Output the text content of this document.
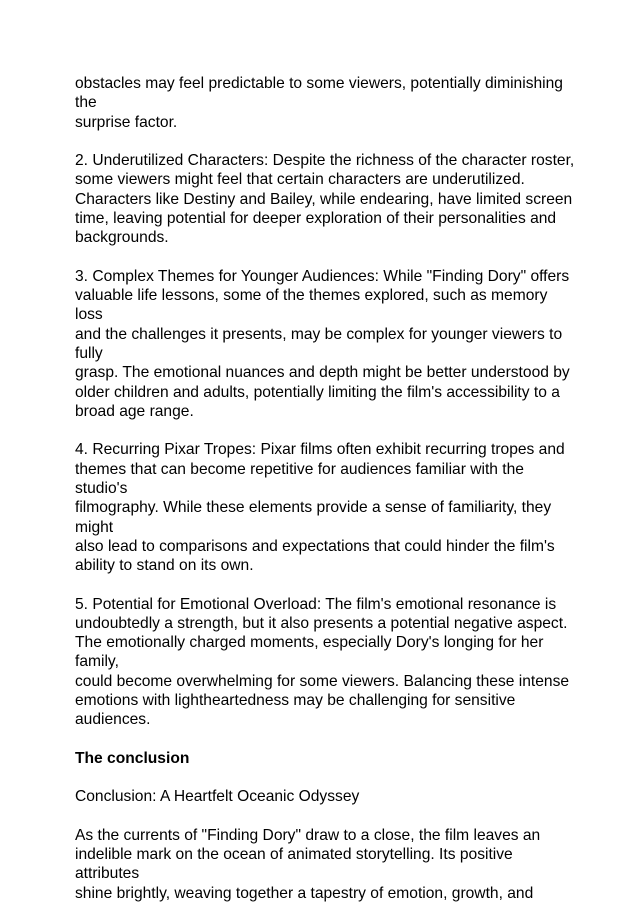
obstacles may feel predictable to some viewers, potentially diminishing the
surprise factor.

2. Underutilized Characters: Despite the richness of the character roster,
some viewers might feel that certain characters are underutilized.
Characters like Destiny and Bailey, while endearing, have limited screen
time, leaving potential for deeper exploration of their personalities and
backgrounds.

3. Complex Themes for Younger Audiences: While "Finding Dory" offers
valuable life lessons, some of the themes explored, such as memory loss
and the challenges it presents, may be complex for younger viewers to fully
grasp. The emotional nuances and depth might be better understood by
older children and adults, potentially limiting the film's accessibility to a
broad age range.

4. Recurring Pixar Tropes: Pixar films often exhibit recurring tropes and
themes that can become repetitive for audiences familiar with the studio's
filmography. While these elements provide a sense of familiarity, they might
also lead to comparisons and expectations that could hinder the film's
ability to stand on its own.

5. Potential for Emotional Overload: The film's emotional resonance is
undoubtedly a strength, but it also presents a potential negative aspect.
The emotionally charged moments, especially Dory's longing for her family,
could become overwhelming for some viewers. Balancing these intense
emotions with lightheartedness may be challenging for sensitive audiences.

The conclusion

Conclusion: A Heartfelt Oceanic Odyssey

As the currents of "Finding Dory" draw to a close, the film leaves an
indelible mark on the ocean of animated storytelling. Its positive attributes
shine brightly, weaving together a tapestry of emotion, growth, and
